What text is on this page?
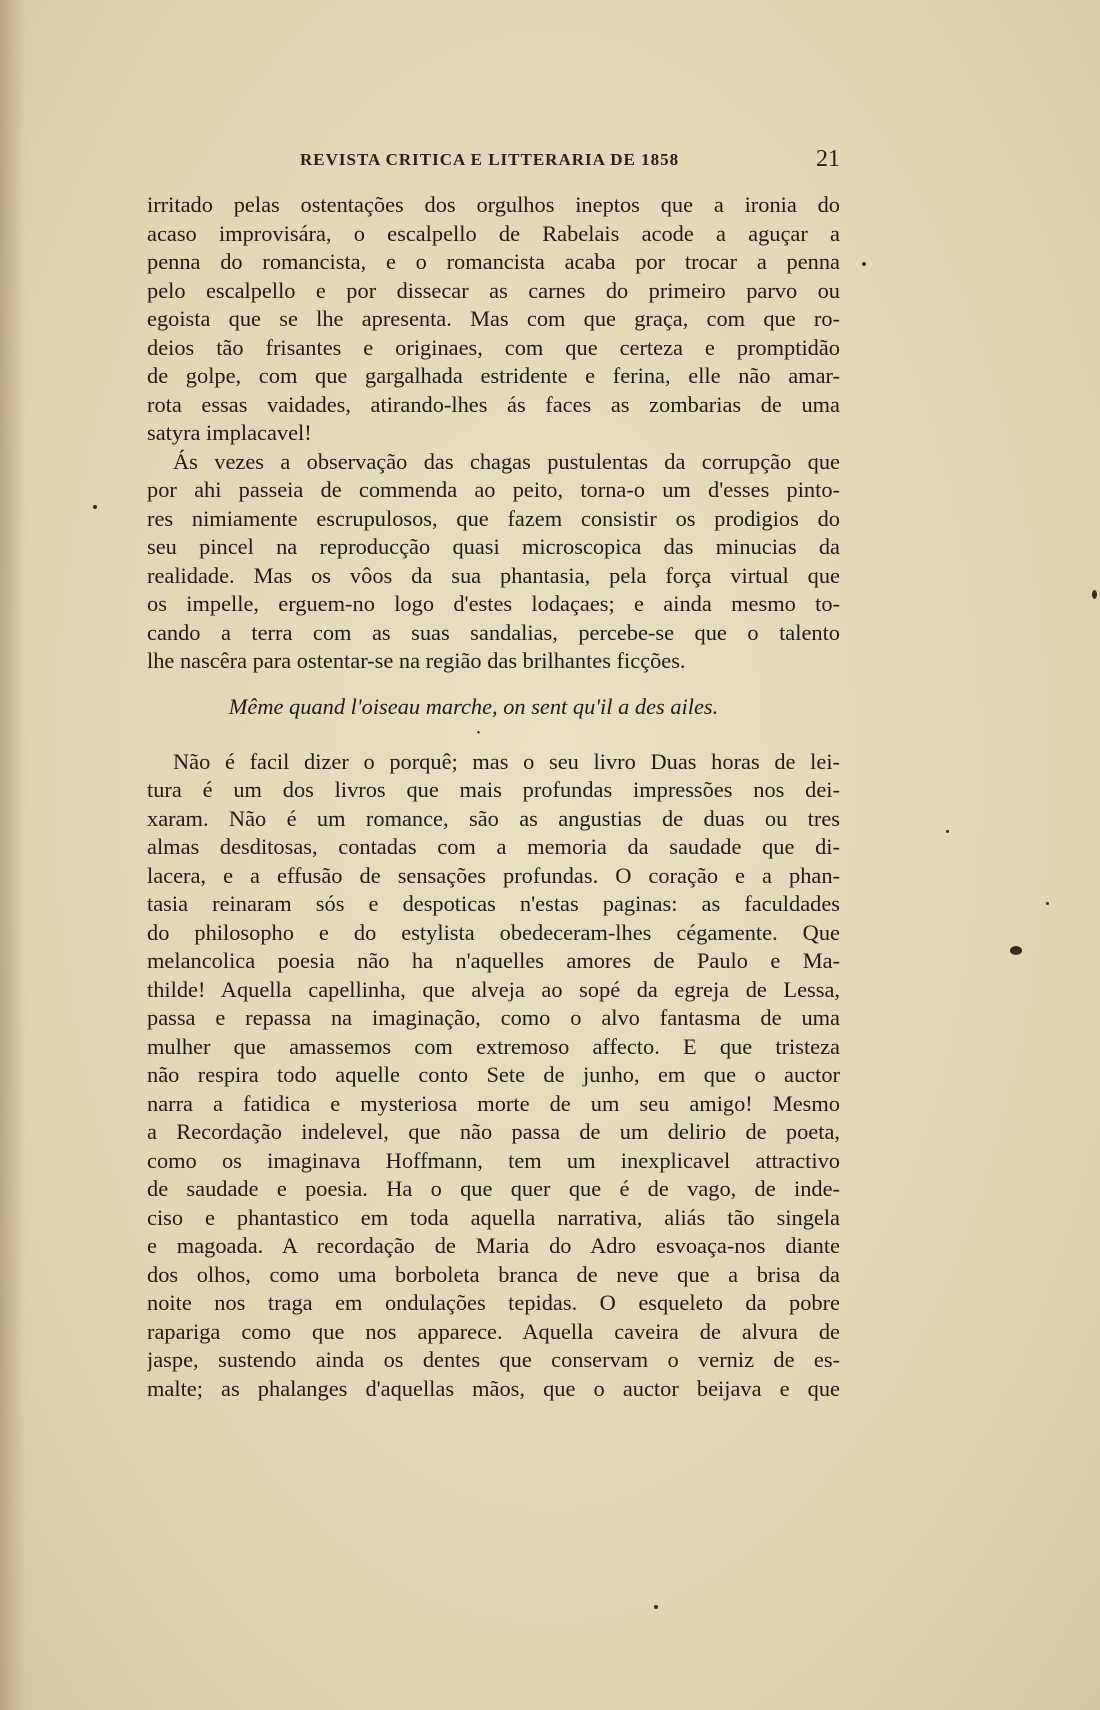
REVISTA CRITICA E LITTERARIA DE 1858	21
irritado pelas ostentações dos orgulhos ineptos que a ironia do
acaso improvisára, o escalpello de Rabelais acode a aguçar a
penna do romancista, e o romancista acaba por trocar a penna
pelo escalpello e por dissecar as carnes do primeiro parvo ou
egoista que se lhe apresenta. Mas com que graça, com que ro-
deios tão frisantes e originaes, com que certeza e promptidão
de golpe, com que gargalhada estridente e ferina, elle não amar-
rota essas vaidades, atirando-lhes ás faces as zombarias de uma
satyra implacavel!
Ás vezes a observação das chagas pustulentas da corrupção que
por ahi passeia de commenda ao peito, torna-o um d'esses pinto-
res nimiamente escrupulosos, que fazem consistir os prodigios do
seu pincel na reproducção quasi microscopica das minucias da
realidade. Mas os vôos da sua phantasia, pela força virtual que
os impelle, erguem-no logo d'estes lodaçaes; e ainda mesmo to-
cando a terra com as suas sandalias, percebe-se que o talento
lhe nascêra para ostentar-se na região das brilhantes ficções.
Même quand l'oiseau marche, on sent qu'il a des ailes.
•
Não é facil dizer o porquê; mas o seu livro Duas horas de lei-
tura é um dos livros que mais profundas impressões nos dei-
xaram. Não é um romance, são as angustias de duas ou tres
almas desditosas, contadas com a memoria da saudade que di-
lacera, e a effusão de sensações profundas. O coração e a phan-
tasia reinaram sós e despoticas n'estas paginas: as faculdades
do philosopho e do estylista obedeceram-lhes cégamente. Que
melancolica poesia não ha n'aquelles amores de Paulo e Ma-
thilde! Aquella capellinha, que alveja ao sopé da egreja de Lessa,
passa e repassa na imaginação, como o alvo fantasma de uma
mulher que amassemos com extremoso affecto. E que tristeza
não respira todo aquelle conto Sete de junho, em que o auctor
narra a fatidica e mysteriosa morte de um seu amigo! Mesmo
a Recordação indelevel, que não passa de um delirio de poeta,
como os imaginava Hoffmann, tem um inexplicavel attractivo
de saudade e poesia. Ha o que quer que é de vago, de inde-
ciso e phantastico em toda aquella narrativa, aliás tão singela
e magoada. A recordação de Maria do Adro esvoaça-nos diante
dos olhos, como uma borboleta branca de neve que a brisa da
noite nos traga em ondulações tepidas. O esqueleto da pobre
rapariga como que nos apparece. Aquella caveira de alvura de
jaspe, sustendo ainda os dentes que conservam o verniz de es-
malte; as phalanges d'aquellas mãos, que o auctor beijava e que
